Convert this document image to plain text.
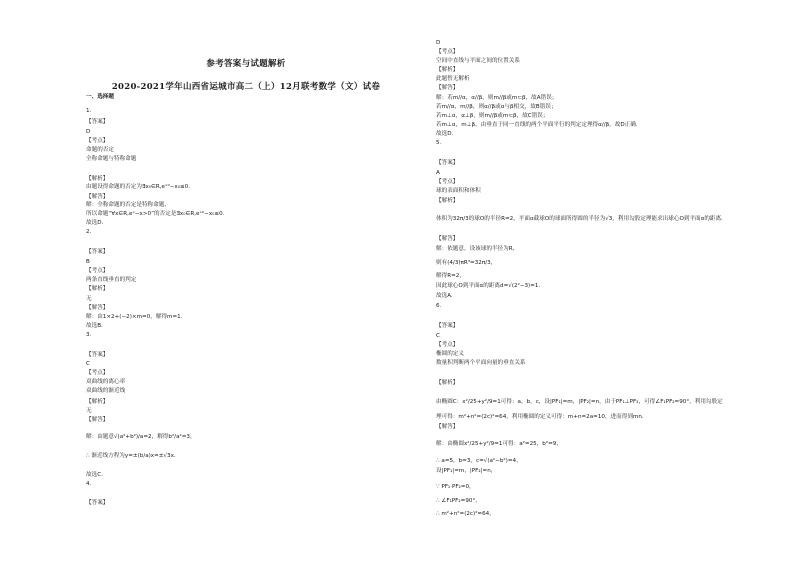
参考答案与试题解析
2020-2021学年山西省运城市高二（上）12月联考数学（文）试卷
一、选择题
1.
【答案】
D
【考点】
命题的否定
全称命题与特称命题
【解析】
由题设得命题的否定为∃x₀∈R,eˣ⁰−x₀≤0.
【解答】
解：全称命题的否定是特称命题，
所以命题“∀x∈R,eˣ−x>0”的否定是∃x₀∈R,eˣ⁰−x₀≤0.
故选D.
2.
【答案】
B
【考点】
两条直线垂直的判定
【解析】
无
【解答】
解：由1×2+(−2)×m=0，解得m=1.
故选B.
3.
【答案】
C
【考点】
双曲线的离心率
双曲线的渐近线
【解析】
无
【解答】
解：由题意√(a²+b²)/a=2，解得b²/a²=3，
∴ 渐近线方程为y=±(b/a)x=±√3x.
故选C.
4.
【答案】
D
【考点】
空间中直线与平面之间的位置关系
【解析】
此题暂无解析
【解答】
解：若m//α，α//β，则m//β或m⊂β，故A错误；
若m//α，m//β，则α//β或α与β相交，故B错误；
若m⊥α，α⊥β，则m//β或m⊂β，故C错误；
若m⊥α，m⊥β，由垂直于同一直线的两个平面平行的判定定理得α//β，故D正确.
故选D.
5.
【答案】
A
【考点】
球的表面积和体积
【解析】
体积为32π/3的球O的半径R=2，平面α截球O的球面所得圆的半径为√3，利用勾股定理能求出球心O到平面α的距离.
【解答】
解：依题意，设该球的半径为R，
则有(4/3)πR³=32π/3，
解得R=2，
因此球心O到平面α的距离d=√(2²−3)=1.
故选A.
6.
【答案】
C
【考点】
椭圆的定义
数量积判断两个平面向量的垂直关系
【解析】
由椭圆C：x²/25+y²/9=1可得：a，b，c，设|PF₁|=m，|PF₂|=n，由于PF₁⊥PF₂，可得∠F₁PF₂=90°，利用勾股定
理可得：m²+n²=(2c)²=64，利用椭圆的定义可得：m+n=2a=10，进而得到mn.
【解答】
解：由椭圆x²/25+y²/9=1可得：a²=25，b²=9，
∴ a=5，b=3，c=√(a²−b²)=4，
设|PF₁|=m，|PF₂|=n，
∵ PF₁·PF₂=0，
∴ ∠F₁PF₂=90°，
∴ m²+n²=(2c)²=64，
